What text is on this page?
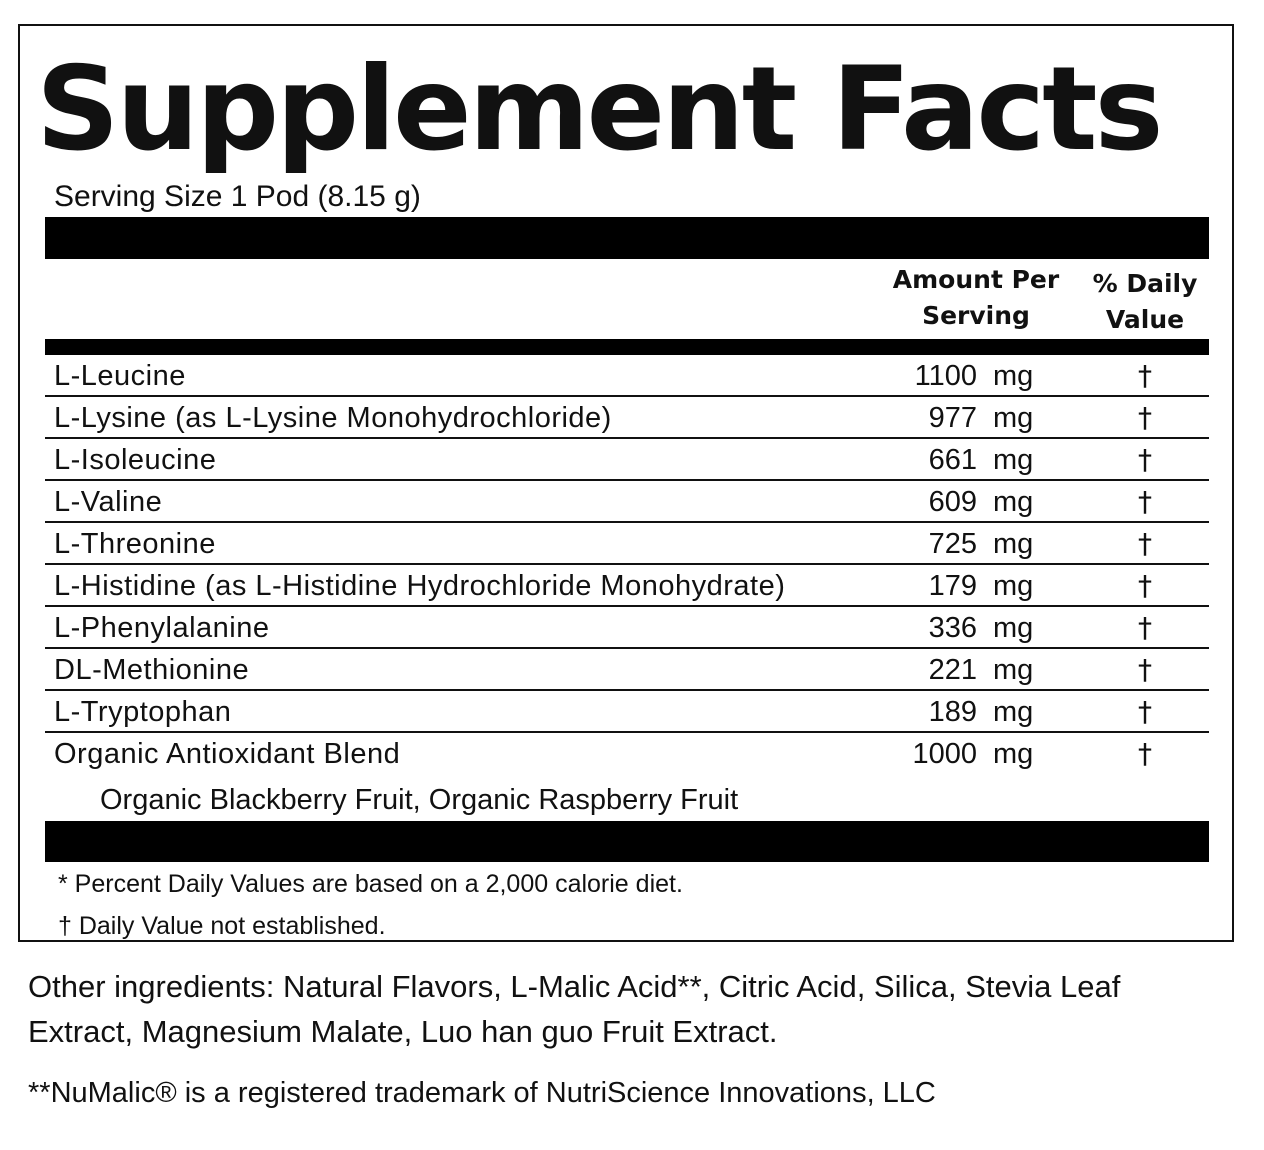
Supplement Facts
Serving Size 1 Pod (8.15 g)
Amount Per
Serving
% Daily
Value
L-Leucine	1100 mg	†
L-Lysine (as L-Lysine Monohydrochloride)	977 mg	†
L-Isoleucine	661 mg	†
L-Valine	609 mg	†
L-Threonine	725 mg	†
L-Histidine (as L-Histidine Hydrochloride Monohydrate)	179 mg	†
L-Phenylalanine	336 mg	†
DL-Methionine	221 mg	†
L-Tryptophan	189 mg	†
Organic Antioxidant Blend	1000 mg	†
Organic Blackberry Fruit, Organic Raspberry Fruit
* Percent Daily Values are based on a 2,000 calorie diet.
† Daily Value not established.
Other ingredients: Natural Flavors, L-Malic Acid**, Citric Acid, Silica, Stevia Leaf Extract, Magnesium Malate, Luo han guo Fruit Extract.
**NuMalic® is a registered trademark of NutriScience Innovations, LLC
